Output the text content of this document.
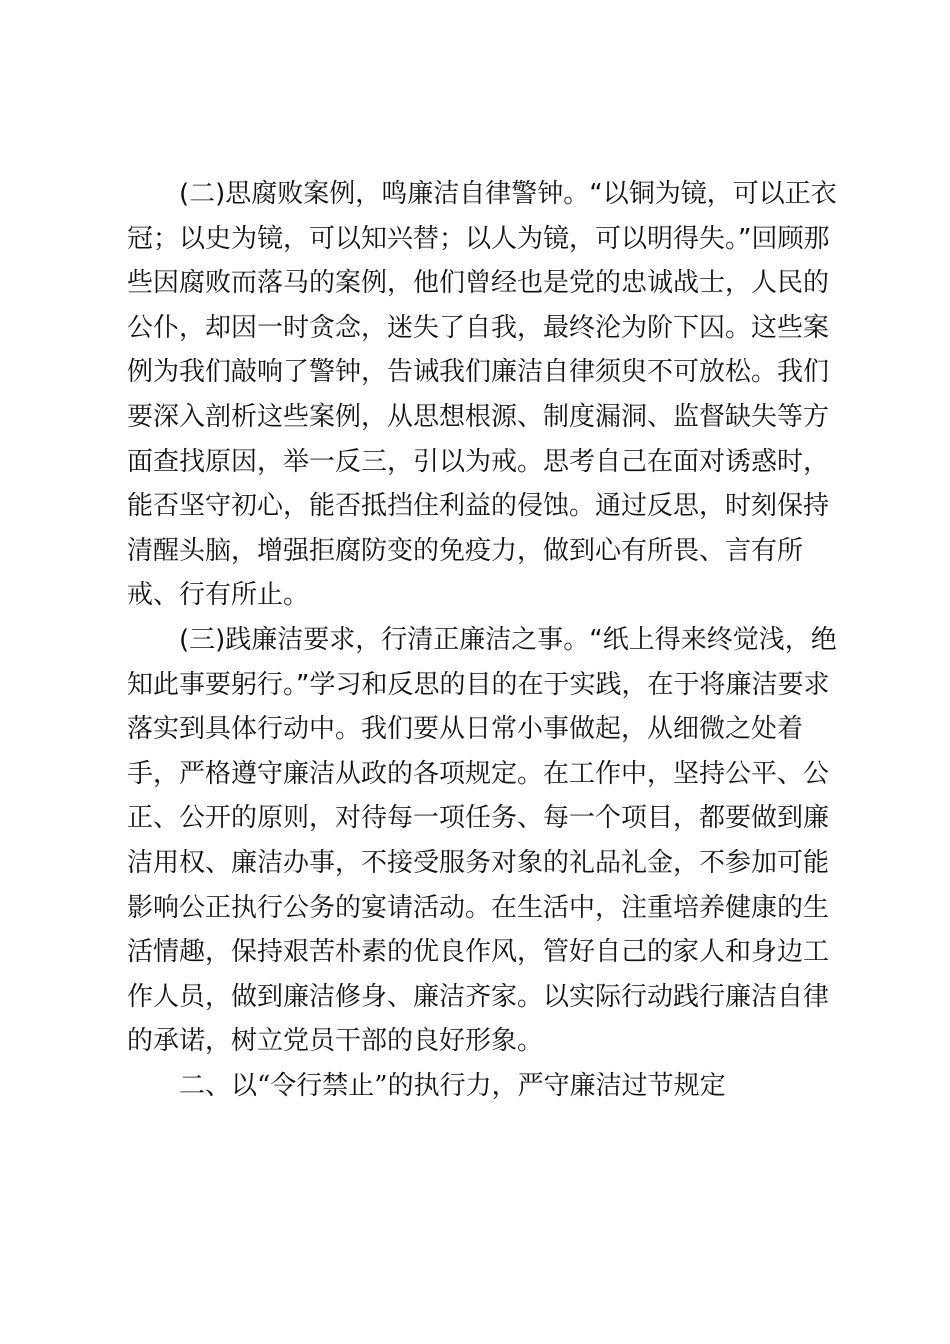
(二)思腐败案例，鸣廉洁自律警钟。“以铜为镜，可以正衣
冠；以史为镜，可以知兴替；以人为镜，可以明得失。”回顾那
些因腐败而落马的案例，他们曾经也是党的忠诚战士，人民的
公仆，却因一时贪念，迷失了自我，最终沦为阶下囚。这些案
例为我们敲响了警钟，告诫我们廉洁自律须臾不可放松。我们
要深入剖析这些案例，从思想根源、制度漏洞、监督缺失等方
面查找原因，举一反三，引以为戒。思考自己在面对诱惑时，
能否坚守初心，能否抵挡住利益的侵蚀。通过反思，时刻保持
清醒头脑，增强拒腐防变的免疫力，做到心有所畏、言有所
戒、行有所止。
(三)践廉洁要求，行清正廉洁之事。“纸上得来终觉浅，绝
知此事要躬行。”学习和反思的目的在于实践，在于将廉洁要求
落实到具体行动中。我们要从日常小事做起，从细微之处着
手，严格遵守廉洁从政的各项规定。在工作中，坚持公平、公
正、公开的原则，对待每一项任务、每一个项目，都要做到廉
洁用权、廉洁办事，不接受服务对象的礼品礼金，不参加可能
影响公正执行公务的宴请活动。在生活中，注重培养健康的生
活情趣，保持艰苦朴素的优良作风，管好自己的家人和身边工
作人员，做到廉洁修身、廉洁齐家。以实际行动践行廉洁自律
的承诺，树立党员干部的良好形象。
二、以“令行禁止”的执行力，严守廉洁过节规定
